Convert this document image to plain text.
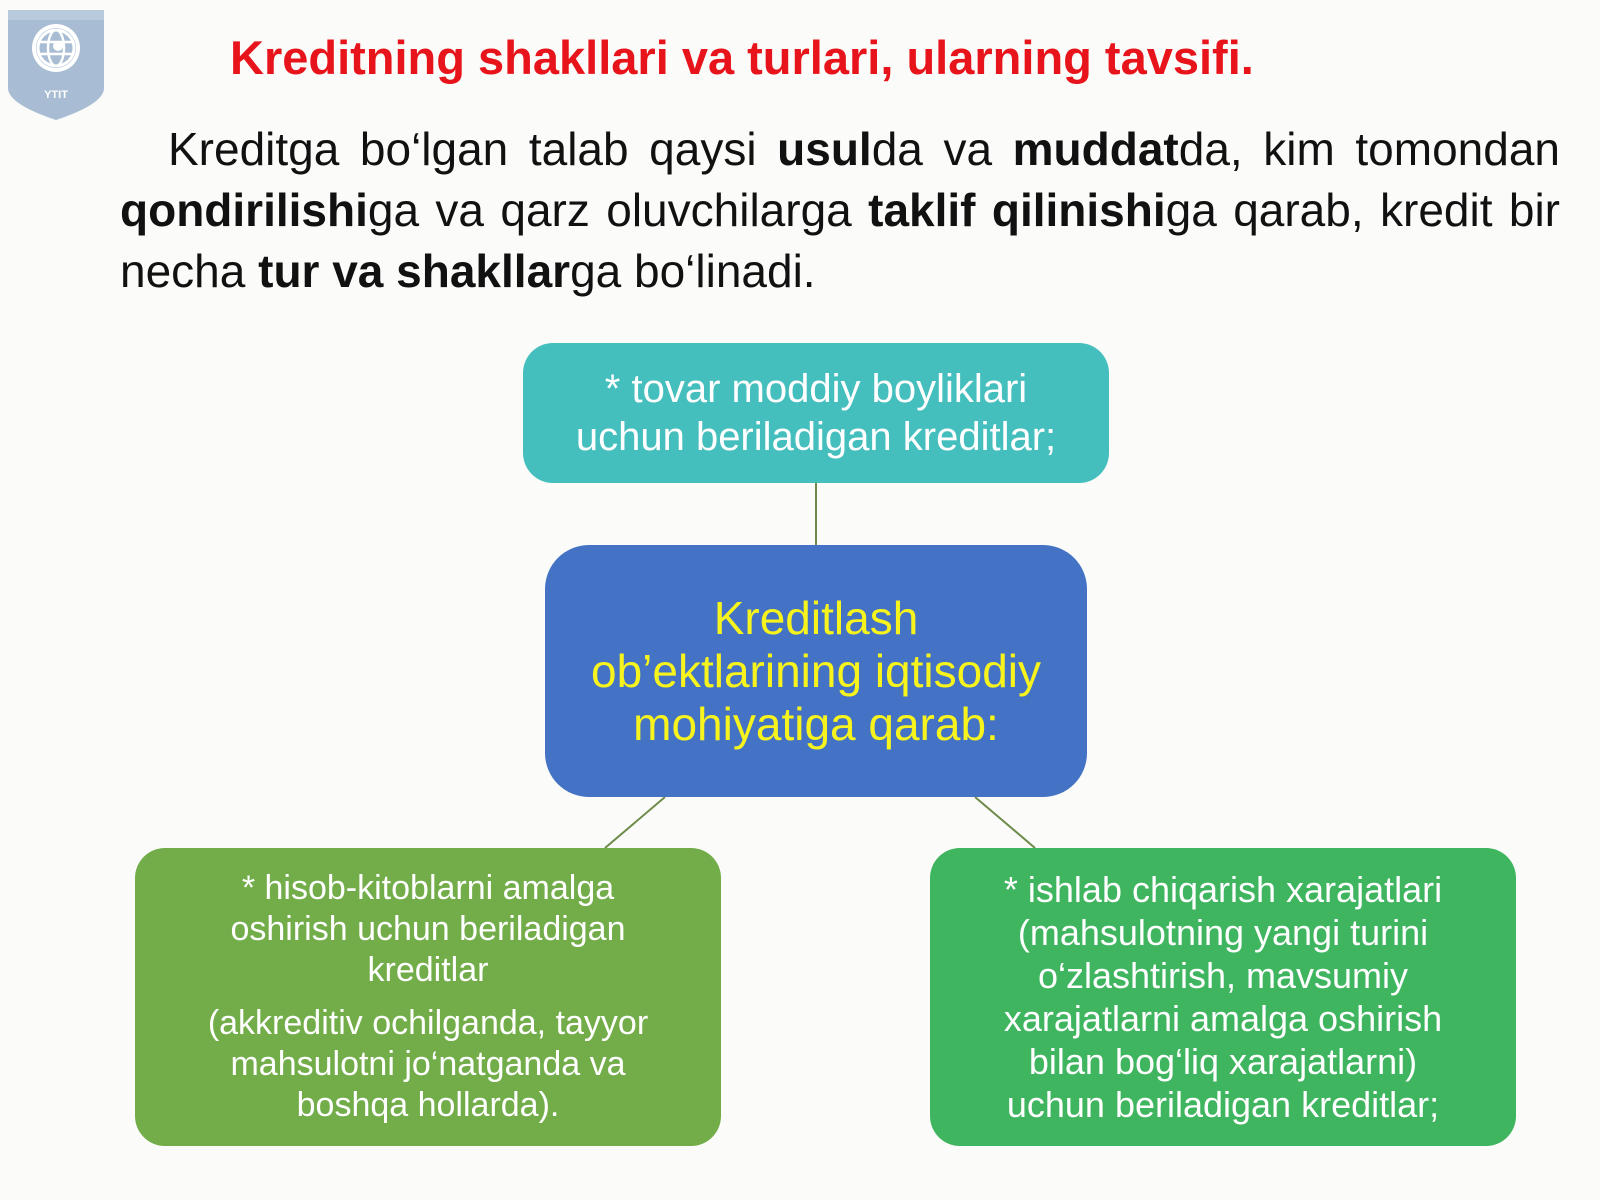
YTIT
Kreditning shakllari va turlari, ularning tavsifi.

Kreditga bo‘lgan talab qaysi usulda va muddatda, kim tomondan qondirilishiga va qarz oluvchilarga taklif qilinishiga qarab, kredit bir necha tur va shakllarga bo‘linadi.

* tovar moddiy boyliklari
uchun beriladigan kreditlar;
Kreditlash
ob’ektlarining iqtisodiy
mohiyatiga qarab:
* hisob-kitoblarni amalga
oshirish uchun beriladigan
kreditlar
(akkreditiv ochilganda, tayyor
mahsulotni jo‘natganda va
boshqa hollarda).
* ishlab chiqarish xarajatlari
(mahsulotning yangi turini
o‘zlashtirish, mavsumiy
xarajatlarni amalga oshirish
bilan bog‘liq xarajatlarni)
uchun beriladigan kreditlar;
